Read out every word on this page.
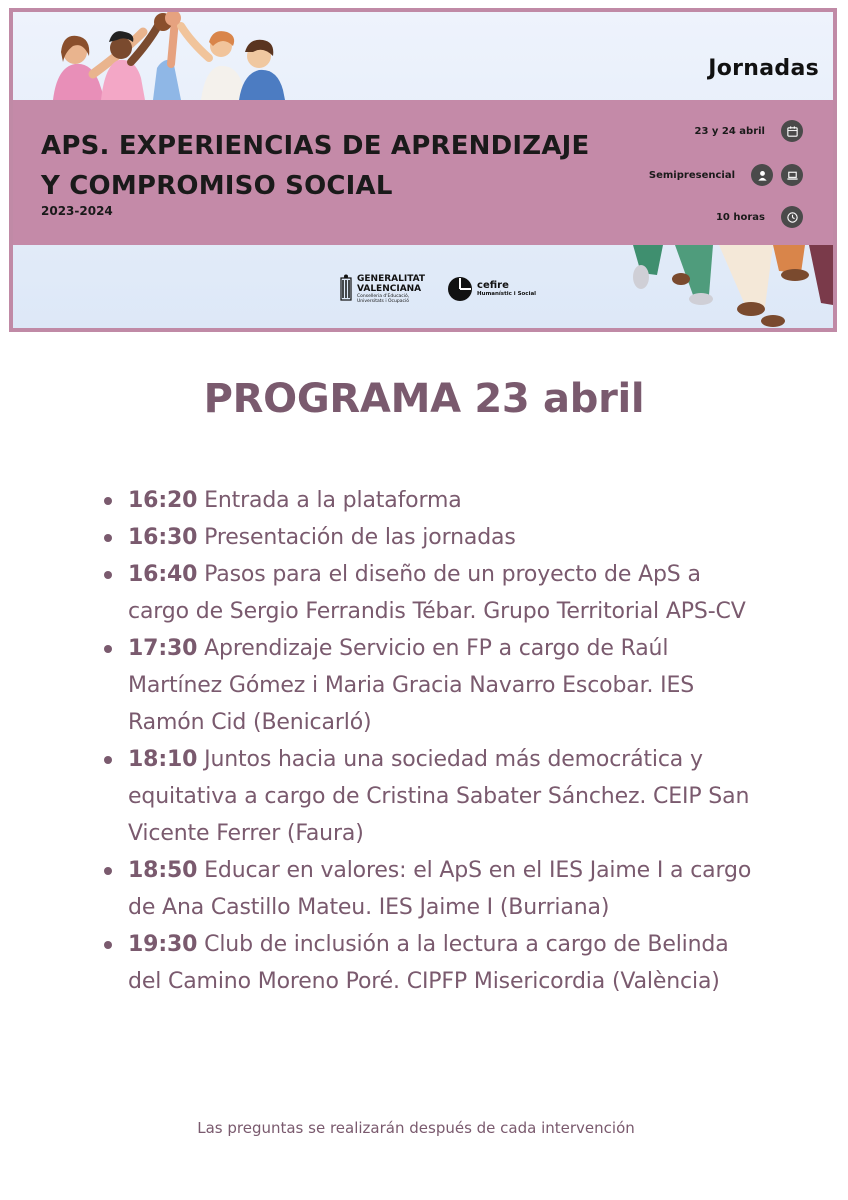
Jornadas
APS. EXPERIENCIAS DE APRENDIZAJE
Y COMPROMISO SOCIAL
2023-2024
23 y 24 abril
Semipresencial
10 horas
GENERALITAT
VALENCIANA
Conselleria d'Educació,
Universitats i Ocupació
cefire
Humanístic i Social
PROGRAMA 23 abril
16:20 Entrada a la plataforma
16:30 Presentación de las jornadas
16:40 Pasos para el diseño de un proyecto de ApS a cargo de Sergio Ferrandis Tébar. Grupo Territorial APS-CV
17:30 Aprendizaje Servicio en FP a cargo de Raúl Martínez Gómez i Maria Gracia Navarro Escobar. IES Ramón Cid (Benicarló)
18:10 Juntos hacia una sociedad más democrática y equitativa a cargo de Cristina Sabater Sánchez. CEIP San Vicente Ferrer (Faura)
18:50 Educar en valores: el ApS en el IES Jaime I a cargo de Ana Castillo Mateu. IES Jaime I (Burriana)
19:30 Club de inclusión a la lectura a cargo de Belinda del Camino Moreno Poré. CIPFP Misericordia (València)
Las preguntas se realizarán después de cada intervención
